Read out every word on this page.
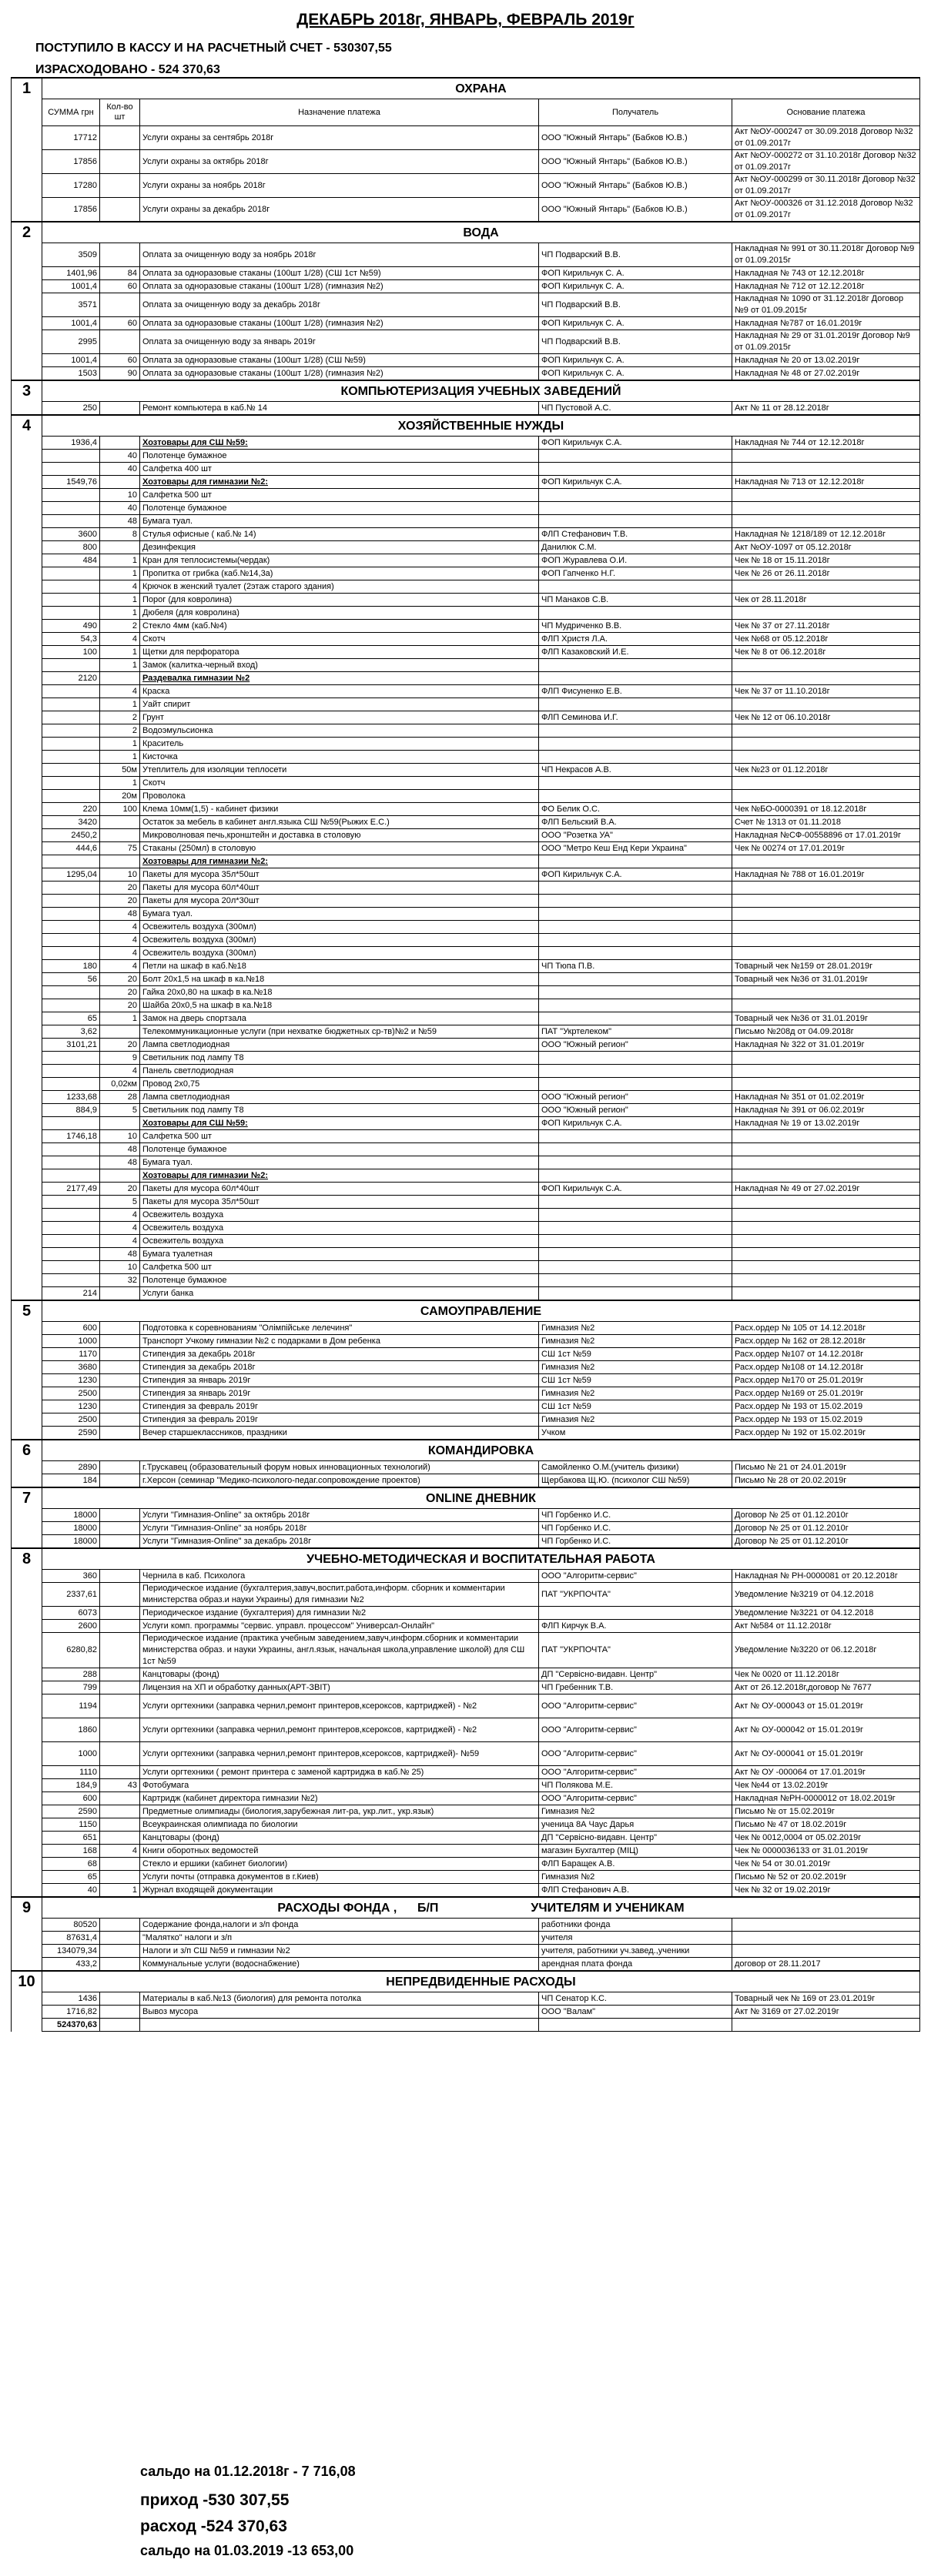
ДЕКАБРЬ 2018г, ЯНВАРЬ, ФЕВРАЛЬ 2019г
ПОСТУПИЛО В КАССУ И НА РАСЧЕТНЫЙ СЧЕТ - 530307,55
ИЗРАСХОДОВАНО - 524 370,63
1	ОХРАНА				
	СУММА грн	Кол-во шт	Назначение платежа	Получатель	Основание платежа
	17712		Услуги охраны за сентябрь 2018г	ООО "Южный Янтарь" (Бабков Ю.В.)	Акт №ОУ-000247 от 30.09.2018 Договор №32 от 01.09.2017г
	17856		Услуги охраны за октябрь 2018г	ООО "Южный Янтарь" (Бабков Ю.В.)	Акт №ОУ-000272 от 31.10.2018г Договор №32 от 01.09.2017г
	17280		Услуги охраны за ноябрь 2018г	ООО "Южный Янтарь" (Бабков Ю.В.)	Акт №ОУ-000299 от 30.11.2018г Договор №32 от 01.09.2017г
	17856		Услуги охраны за декабрь 2018г	ООО "Южный Янтарь" (Бабков Ю.В.)	Акт №ОУ-000326 от 31.12.2018 Договор №32 от 01.09.2017г
2	ВОДА				
	3509		Оплата за очищенную воду за ноябрь 2018г	ЧП Подварский В.В.	Накладная № 991 от 30.11.2018г Договор №9 от 01.09.2015г
	1401,96	84	Оплата за одноразовые стаканы (100шт 1/28) (СШ 1ст №59)	ФОП Кирильчук С. А.	Накладная № 743 от 12.12.2018г
	1001,4	60	Оплата за одноразовые стаканы (100шт 1/28) (гимназия №2)	ФОП Кирильчук С. А.	Накладная № 712 от 12.12.2018г
	3571		Оплата за очищенную воду за декабрь 2018г	ЧП Подварский В.В.	Накладная № 1090 от 31.12.2018г Договор №9 от 01.09.2015г
	1001,4	60	Оплата за одноразовые стаканы (100шт 1/28) (гимназия №2)	ФОП Кирильчук С. А.	Накладная №787 от 16.01.2019г
	2995		Оплата за очищенную воду за январь 2019г	ЧП Подварский В.В.	Накладная № 29 от 31.01.2019г Договор №9 от 01.09.2015г
	1001,4	60	Оплата за одноразовые стаканы (100шт 1/28) (СШ №59)	ФОП Кирильчук С. А.	Накладная № 20 от 13.02.2019г
	1503	90	Оплата за одноразовые стаканы (100шт 1/28) (гимназия №2)	ФОП Кирильчук С. А.	Накладная № 48 от 27.02.2019г
3	КОМПЬЮТЕРИЗАЦИЯ УЧЕБНЫХ ЗАВЕДЕНИЙ				
	250		Ремонт компьютера в каб.№ 14	ЧП Пустовой А.С.	Акт № 11 от 28.12.2018г
4	ХОЗЯЙСТВЕННЫЕ НУЖДЫ				
	1936,4		Хозтовары для СШ №59:	ФОП Кирильчук С.А.	Накладная № 744 от 12.12.2018г
		40	Полотенце бумажное		
		40	Салфетка 400 шт		
	1549,76		Хозтовары для гимназии №2:	ФОП Кирильчук С.А.	Накладная № 713 от 12.12.2018г
		10	Салфетка 500 шт		
		40	Полотенце бумажное		
		48	Бумага туал.		
	3600	8	Стулья офисные ( каб.№ 14)	ФЛП Стефанович Т.В.	Накладная № 1218/189 от 12.12.2018г
	800		Дезинфекция	Данилюк С.М.	Акт №ОУ-1097 от 05.12.2018г
	484	1	Кран для теплосистемы(чердак)	ФОП Журавлева О.И.	Чек № 18 от 15.11.2018г
		1	Пропитка от грибка (каб.№14,3а)	ФОП Гапченко Н.Г.	Чек № 26 от 26.11.2018г
		4	Крючок в женский туалет (2этаж старого здания)		
		1	Порог (для ковролина)	ЧП Манаков С.В.	Чек от 28.11.2018г
		1	Дюбеля (для ковролина)		
	490	2	Стекло 4мм (каб.№4)	ЧП Мудриченко В.В.	Чек № 37 от 27.11.2018г
	54,3	4	Скотч	ФЛП Христя Л.А.	Чек №68 от 05.12.2018г
	100	1	Щетки для перфоратора	ФЛП Казаковский И.Е.	Чек № 8 от 06.12.2018г
		1	Замок (калитка-черный вход)		
	2120		Раздевалка гимназии №2		
		4	Краска	ФЛП Фисуненко Е.В.	Чек № 37 от 11.10.2018г
		1	Уайт спирит		
		2	Грунт	ФЛП Семинова И.Г.	Чек № 12 от 06.10.2018г
		2	Водоэмульсионка		
		1	Краситель		
		1	Кисточка		
		50м	Утеплитель для изоляции теплосети	ЧП Некрасов А.В.	Чек №23 от 01.12.2018г
		1	Скотч		
		20м	Проволока		
	220	100	Клема 10мм(1,5) - кабинет физики	ФО Белик О.С.	Чек №БО-0000391 от 18.12.2018г
	3420		Остаток за мебель в кабинет англ.языка СШ №59(Рыжих Е.С.)	ФЛП Бельский В.А.	Счет № 1313 от 01.11.2018
	2450,2		Микроволновая печь,кронштейн и доставка в столовую	ООО "Розетка УА"	Накладная №СФ-00558896 от 17.01.2019г
	444,6	75	Стаканы (250мл) в столовую	ООО "Метро Кеш Енд Кери Украина"	Чек № 00274 от 17.01.2019г
			Хозтовары для гимназии №2:		
	1295,04	10	Пакеты для мусора 35л*50шт	ФОП Кирильчук С.А.	Накладная № 788 от 16.01.2019г
		20	Пакеты для мусора 60л*40шт		
		20	Пакеты для мусора 20л*30шт		
		48	Бумага туал.		
		4	Освежитель воздуха (300мл)		
		4	Освежитель воздуха (300мл)		
		4	Освежитель воздуха (300мл)		
	180	4	Петли на шкаф в каб.№18	ЧП Тюпа П.В.	Товарный чек №159 от 28.01.2019г
	56	20	Болт 20х1,5 на шкаф в ка.№18		Товарный чек №36 от 31.01.2019г
		20	Гайка 20х0,80 на шкаф в ка.№18		
		20	Шайба 20х0,5 на шкаф в ка.№18		
	65	1	Замок на дверь спортзала		Товарный чек №36 от 31.01.2019г
	3,62		Телекоммуникационные услуги (при нехватке бюджетных ср-тв)№2 и №59	ПАТ "Укртелеком"	Письмо №208д от 04.09.2018г
	3101,21	20	Лампа светлодиодная	ООО "Южный регион"	Накладная № 322 от 31.01.2019г
		9	Светильник под лампу Т8		
		4	Панель светлодиодная		
		0,02км	Провод 2х0,75		
	1233,68	28	Лампа светлодиодная	ООО "Южный регион"	Накладная № 351 от 01.02.2019г
	884,9	5	Светильник под лампу Т8	ООО "Южный регион"	Накладная № 391 от 06.02.2019г
			Хозтовары для СШ №59:	ФОП Кирильчук С.А.	Накладная № 19 от 13.02.2019г
	1746,18	10	Салфетка 500 шт		
		48	Полотенце бумажное		
		48	Бумага туал.		
			Хозтовары для гимназии №2:		
	2177,49	20	Пакеты для мусора 60л*40шт	ФОП Кирильчук С.А.	Накладная № 49 от 27.02.2019г
		5	Пакеты для мусора 35л*50шт		
		4	Освежитель воздуха		
		4	Освежитель воздуха		
		4	Освежитель воздуха		
		48	Бумага туалетная		
		10	Салфетка 500 шт		
		32	Полотенце бумажное		
	214		Услуги банка		
5	САМОУПРАВЛЕНИЕ				
	600		Подготовка к соревнованиям "Олімпійське лелечиня"	Гимназия №2	Расх.ордер № 105 от 14.12.2018г
	1000		Транспорт Учкому гимназии №2 с подарками в Дом ребенка	Гимназия №2	Расх.ордер № 162 от 28.12.2018г
	1170		Стипендия за декабрь 2018г	СШ 1ст №59	Расх.ордер №107 от 14.12.2018г
	3680		Стипендия за декабрь 2018г	Гимназия №2	Расх.ордер №108 от 14.12.2018г
	1230		Стипендия за январь 2019г	СШ 1ст №59	Расх.ордер №170 от 25.01.2019г
	2500		Стипендия за январь 2019г	Гимназия №2	Расх.ордер №169 от 25.01.2019г
	1230		Стипендия за февраль 2019г	СШ 1ст №59	Расх.ордер № 193 от 15.02.2019
	2500		Стипендия за февраль 2019г	Гимназия №2	Расх.ордер № 193 от 15.02.2019
	2590		Вечер старшеклассников, праздники	Учком	Расх.ордер № 192 от 15.02.2019г
6	КОМАНДИРОВКА				
	2890		г.Трускавец (образовательный форум новых инновационных технологий)	Самойленко О.М.(учитель физики)	Письмо № 21 от 24.01.2019г
	184		г.Херсон (семинар "Медико-психолого-педаг.сопровождение проектов)	Щербакова Щ.Ю. (психолог СШ №59)	Письмо № 28 от 20.02.2019г
7	ONLINE ДНЕВНИК				
	18000		Услуги "Гимназия-Online" за октябрь 2018г	ЧП Горбенко И.С.	Договор № 25 от 01.12.2010г
	18000		Услуги "Гимназия-Online" за ноябрь 2018г	ЧП Горбенко И.С.	Договор № 25 от 01.12.2010г
	18000		Услуги "Гимназия-Online" за декабрь 2018г	ЧП Горбенко И.С.	Договор № 25 от 01.12.2010г
8	УЧЕБНО-МЕТОДИЧЕСКАЯ И ВОСПИТАТЕЛЬНАЯ РАБОТА				
	360		Чернила в каб. Психолога	ООО "Алгоритм-сервис"	Накладная № РН-0000081 от 20.12.2018г
	2337,61		Периодическое издание (бухгалтерия,завуч,воспит.работа,информ. сборник и комментарии министерства образ.и науки Украины) для гимназии №2	ПАТ "УКРПОЧТА"	Уведомление №3219 от 04.12.2018
	6073		Периодическое издание (бухгалтерия) для гимназии №2		Уведомление №3221 от 04.12.2018
	2600		Услуги комп. программы "сервис. управл. процессом" Универсал-Онлайн"	ФЛП Кирчук В.А.	Акт №584 от 11.12.2018г
	6280,82		Периодическое издание (практика учебным заведением,завуч,информ.сборник и комментарии министерства образ. и науки Украины, англ.язык, начальная школа,управление школой) для СШ 1ст №59	ПАТ "УКРПОЧТА"	Уведомление №3220 от 06.12.2018г
	288		Канцтовары (фонд)	ДП "Сервісно-видавн. Центр"	Чек № 0020 от 11.12.2018г
	799		Лицензия на ХП и обработку данных(АРТ-ЗВІТ)	ЧП Гребенник Т.В.	Акт от 26.12.2018г,договор № 7677
	1194		Услуги оргтехники (заправка чернил,ремонт принтеров,ксероксов, картриджей) - №2	ООО "Алгоритм-сервис"	Акт № ОУ-000043 от 15.01.2019г
	1860		Услуги оргтехники (заправка чернил,ремонт принтеров,ксероксов, картриджей) - №2	ООО "Алгоритм-сервис"	Акт № ОУ-000042 от 15.01.2019г
	1000		Услуги оргтехники (заправка чернил,ремонт принтеров,ксероксов, картриджей)- №59	ООО "Алгоритм-сервис"	Акт № ОУ-000041 от 15.01.2019г
	1110		Услуги оргтехники ( ремонт принтера с заменой картриджа в каб.№ 25)	ООО "Алгоритм-сервис"	Акт № ОУ -000064 от 17.01.2019г
	184,9	43	Фотобумага	ЧП Полякова М.Е.	Чек №44 от 13.02.2019г
	600		Картридж (кабинет директора гимназии №2)	ООО "Алгоритм-сервис"	Накладная №РН-0000012 от 18.02.2019г
	2590		Предметные олимпиады (биология,зарубежная лит-ра, укр.лит., укр.язык)	Гимназия №2	Письмо № от 15.02.2019г
	1150		Всеукраинская олимпиада по биологии	ученица 8А Чаус Дарья	Письмо № 47 от 18.02.2019г
	651		Канцтовары (фонд)	ДП "Сервісно-видавн. Центр"	Чек № 0012,0004 от 05.02.2019г
	168	4	Книги оборотных ведомостей	магазин Бухгалтер (МІЦ)	Чек № 0000036133 от 31.01.2019г
	68		Стекло и ершики (кабинет биологии)	ФЛП Баращек А.В.	Чек № 54 от 30.01.2019г
	65		Услуги почты (отправка документов в г.Киев)	Гимназия №2	Письмо № 52 от 20.02.2019г
	40	1	Журнал входящей документации	ФЛП Стефанович А.В.	Чек № 32 от 19.02.2019г
9	РАСХОДЫ ФОНДА ,      Б/П                           УЧИТЕЛЯМ И УЧЕНИКАМ				
	80520		Содержание фонда,налоги и з/п фонда	работники фонда	
	87631,4		"Малятко" налоги и з/п	учителя	
	134079,34		Налоги и з/п СШ №59 и гимназии №2	учителя, работники уч.завед.,ученики	
	433,2		Коммунальные услуги (водоснабжение)	арендная плата фонда	договор от 28.11.2017
10	НЕПРЕДВИДЕННЫЕ РАСХОДЫ				
	1436		Материалы в каб.№13 (биология) для ремонта потолка	ЧП Сенатор К.С.	Товарный чек № 169 от 23.01.2019г
	1716,82		Вывоз мусора	ООО "Валам"	Акт № 3169 от 27.02.2019г
	524370,63				
сальдо на 01.12.2018г - 7 716,08
приход -530 307,55
расход -524 370,63
сальдо на 01.03.2019 -13 653,00
